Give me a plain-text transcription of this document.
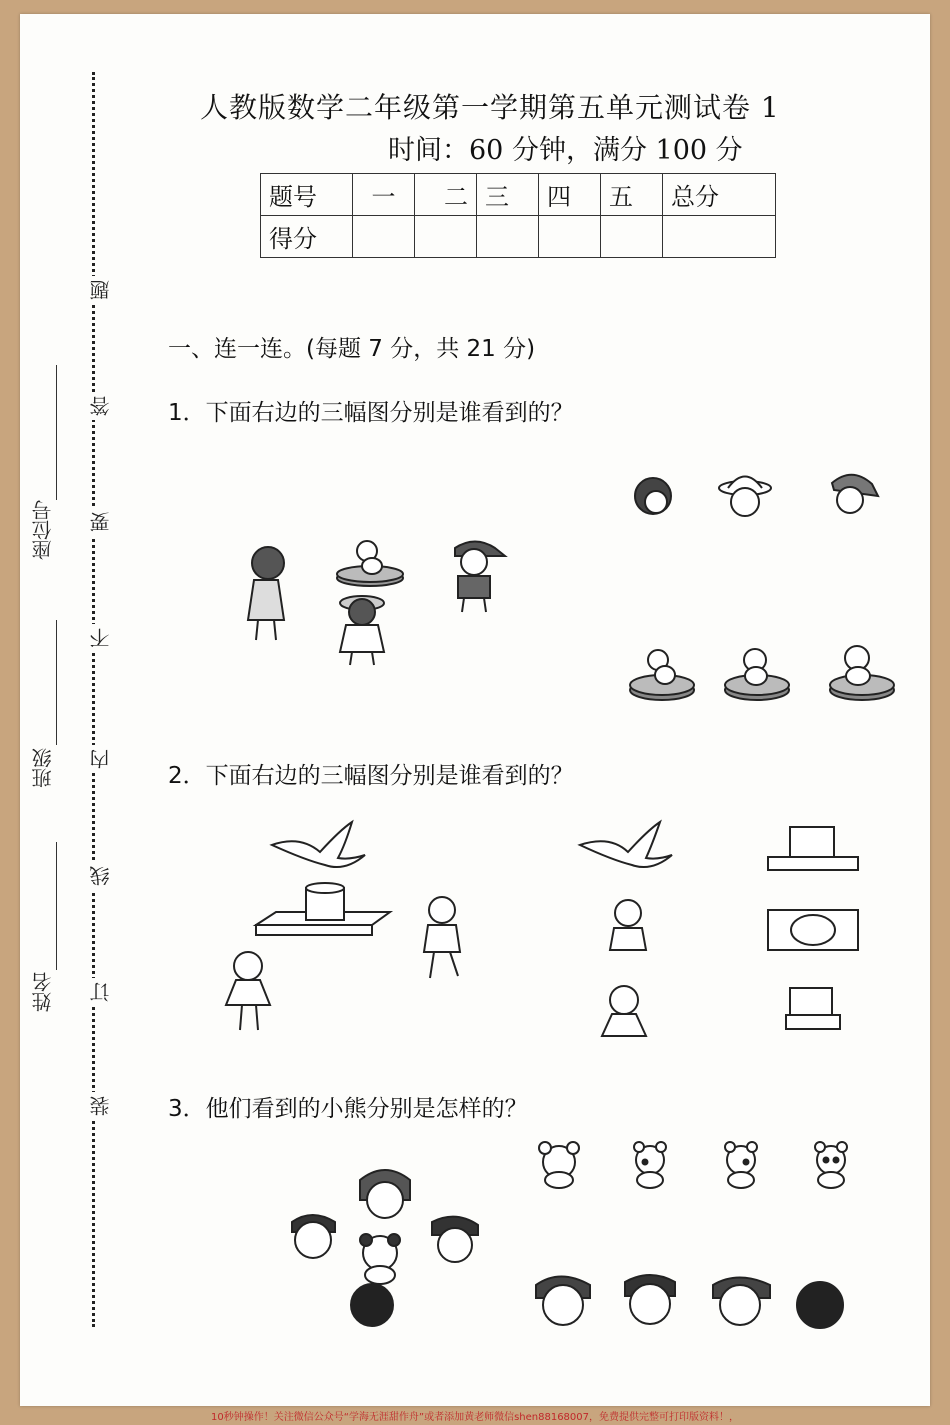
题
答
要
不
内
线
订
装
座位号
班级
姓名
人教版数学二年级第一学期第五单元测试卷 1
时间：60 分钟，满分 100 分
题号	一	二	三	四	五	总分
得分						
一、连一连。(每题 7 分，共 21 分)
1．下面右边的三幅图分别是谁看到的？
2．下面右边的三幅图分别是谁看到的？
3．他们看到的小熊分别是怎样的？
10秒钟操作！关注微信公众号“学海无涯甜作舟”或者添加黄老师微信shen88168007，免费提供完整可打印版资料！，
